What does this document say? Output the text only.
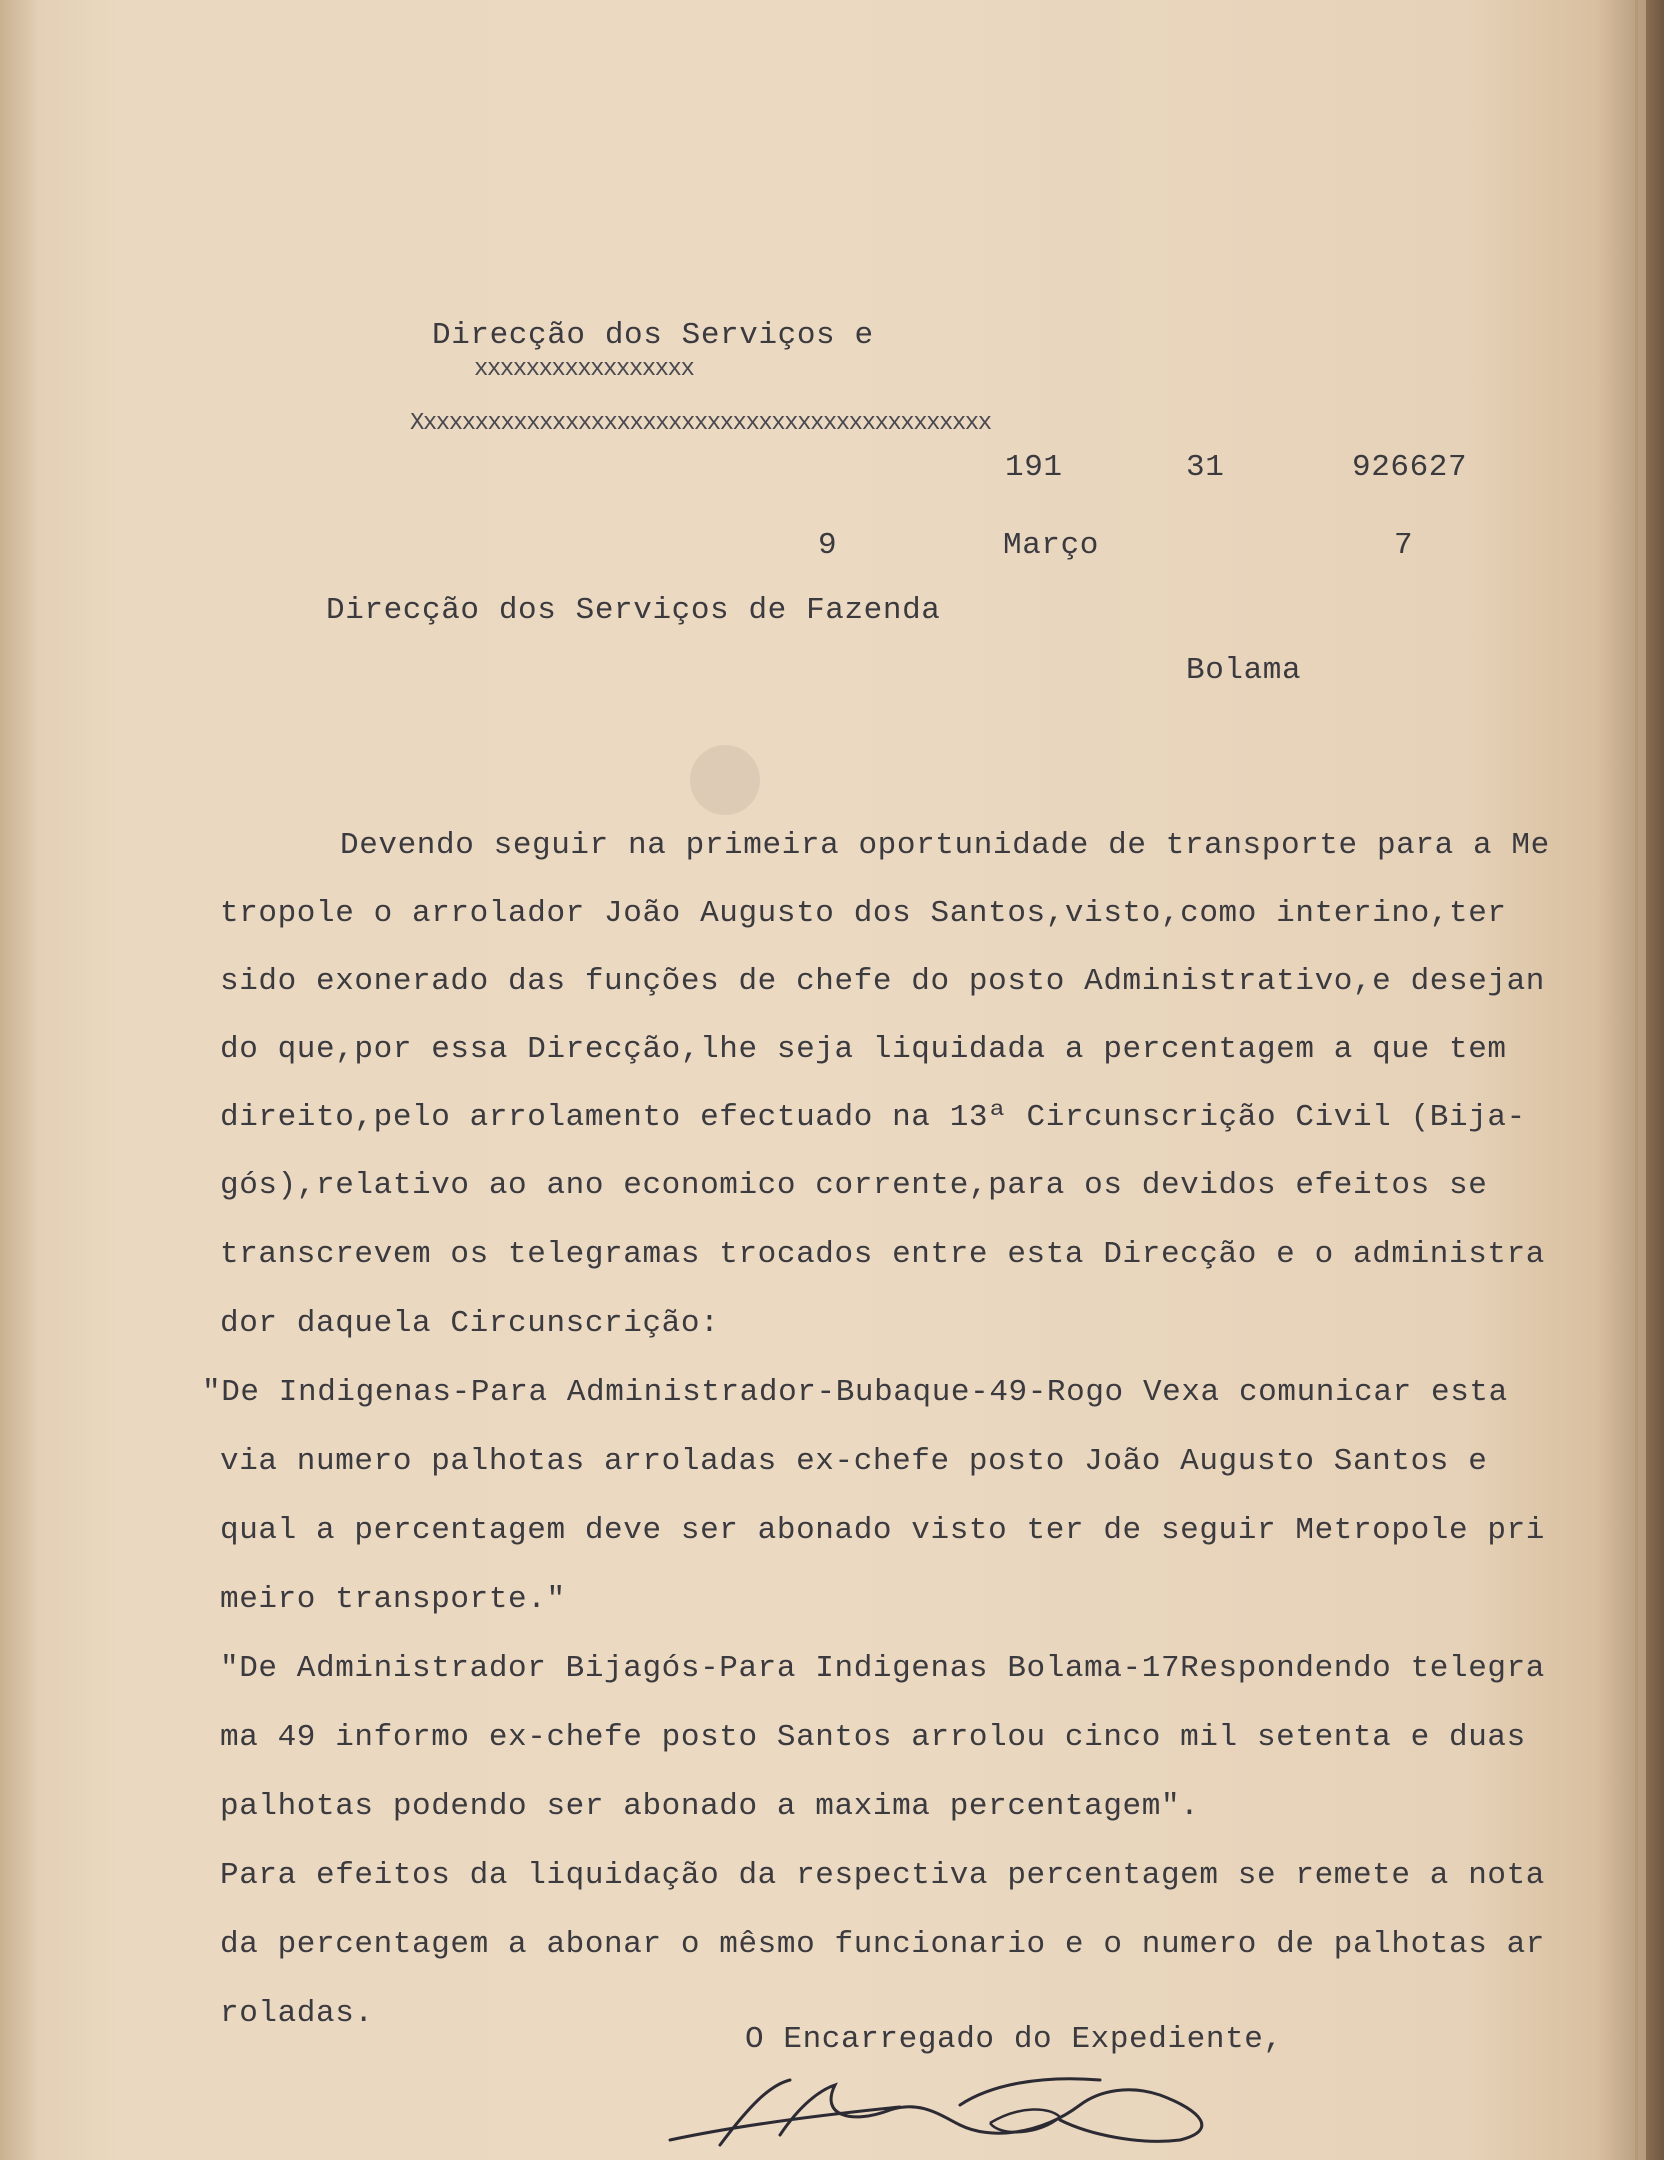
Direcção dos Serviços e
xxxxxxxxxxxxxxxxx
Xxxxxxxxxxxxxxxxxxxxxxxxxxxxxxxxxxxxxxxxxxxxx
191	31	926627
9	Março	7
Direcção dos Serviços de Fazenda
Bolama
Devendo seguir na primeira oportunidade de transporte para a Me
tropole o arrolador João Augusto dos Santos,visto,como interino,ter
sido exonerado das funções de chefe do posto Administrativo,e desejan
do que,por essa Direcção,lhe seja liquidada a percentagem a que tem
direito,pelo arrolamento efectuado na 13ª Circunscrição Civil (Bija-
gós),relativo ao ano economico corrente,para os devidos efeitos se
transcrevem os telegramas trocados entre esta Direcção e o administra
dor daquela Circunscrição:
"De Indigenas-Para Administrador-Bubaque-49-Rogo Vexa comunicar esta
via numero palhotas arroladas ex-chefe posto João Augusto Santos e
qual a percentagem deve ser abonado visto ter de seguir Metropole pri
meiro transporte."
"De Administrador Bijagós-Para Indigenas Bolama-17Respondendo telegra
ma 49 informo ex-chefe posto Santos arrolou cinco mil setenta e duas
palhotas podendo ser abonado a maxima percentagem".
Para efeitos da liquidação da respectiva percentagem se remete a nota
da percentagem a abonar o mêsmo funcionario e o numero de palhotas ar
roladas.
O Encarregado do Expediente,
